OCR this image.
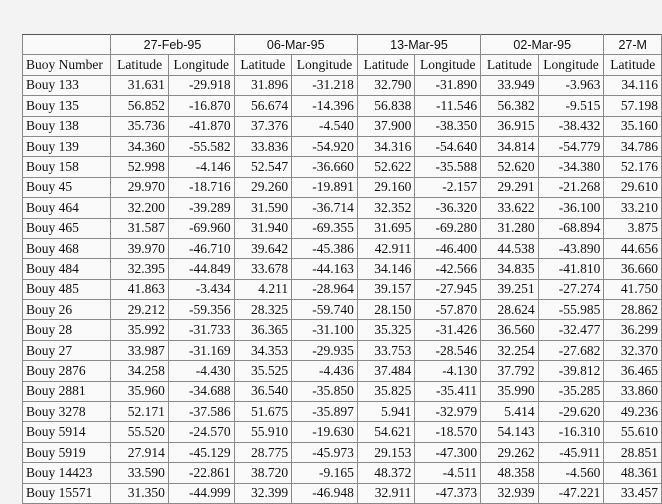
	27-Feb-95		06-Mar-95		13-Mar-95		02-Mar-95		27-M
Buoy Number	Latitude	Longitude	Latitude	Longitude	Latitude	Longitude	Latitude	Longitude	Latitude
Bouy 133	31.631	-29.918	31.896	-31.218	32.790	-31.890	33.949	-3.963	34.116
Bouy 135	56.852	-16.870	56.674	-14.396	56.838	-11.546	56.382	-9.515	57.198
Bouy 138	35.736	-41.870	37.376	-4.540	37.900	-38.350	36.915	-38.432	35.160
Bouy 139	34.360	-55.582	33.836	-54.920	34.316	-54.640	34.814	-54.779	34.786
Bouy 158	52.998	-4.146	52.547	-36.660	52.622	-35.588	52.620	-34.380	52.176
Bouy 45	29.970	-18.716	29.260	-19.891	29.160	-2.157	29.291	-21.268	29.610
Bouy 464	32.200	-39.289	31.590	-36.714	32.352	-36.320	33.622	-36.100	33.210
Bouy 465	31.587	-69.960	31.940	-69.355	31.695	-69.280	31.280	-68.894	3.875
Bouy 468	39.970	-46.710	39.642	-45.386	42.911	-46.400	44.538	-43.890	44.656
Bouy 484	32.395	-44.849	33.678	-44.163	34.146	-42.566	34.835	-41.810	36.660
Bouy 485	41.863	-3.434	4.211	-28.964	39.157	-27.945	39.251	-27.274	41.750
Bouy 26	29.212	-59.356	28.325	-59.740	28.150	-57.870	28.624	-55.985	28.862
Bouy 28	35.992	-31.733	36.365	-31.100	35.325	-31.426	36.560	-32.477	36.299
Bouy 27	33.987	-31.169	34.353	-29.935	33.753	-28.546	32.254	-27.682	32.370
Bouy 2876	34.258	-4.430	35.525	-4.436	37.484	-4.130	37.792	-39.812	36.465
Bouy 2881	35.960	-34.688	36.540	-35.850	35.825	-35.411	35.990	-35.285	33.860
Bouy 3278	52.171	-37.586	51.675	-35.897	5.941	-32.979	5.414	-29.620	49.236
Bouy 5914	55.520	-24.570	55.910	-19.630	54.621	-18.570	54.143	-16.310	55.610
Bouy 5919	27.914	-45.129	28.775	-45.973	29.153	-47.300	29.262	-45.911	28.851
Bouy 14423	33.590	-22.861	38.720	-9.165	48.372	-4.511	48.358	-4.560	48.361
Bouy 15571	31.350	-44.999	32.399	-46.948	32.911	-47.373	32.939	-47.221	33.457
